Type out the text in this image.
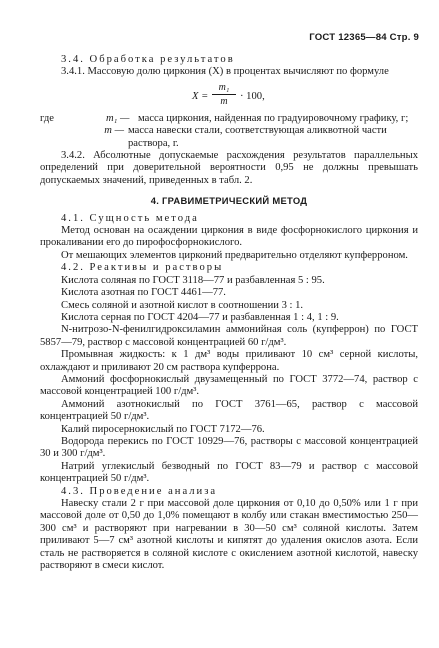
ГОСТ 12365—84 Стр. 9

3.4. Обработка результатов

3.4.1. Массовую долю циркония (X) в процентах вычисляют по формуле

$X = \frac{\text{m₁}}{m} \cdot 100$,
где	m₁ — масса циркония, найденная по градуировочному графику, г;
m — масса навески стали, соответствующая аликвотной части раствора, г.

3.4.2. Абсолютные допускаемые расхождения результатов параллельных определений при доверительной вероятности 0,95 не должны превышать допускаемых значений, приведенных в табл. 2.

4. ГРАВИМЕТРИЧЕСКИЙ МЕТОД

4.1. Сущность метода

Метод основан на осаждении циркония в виде фосфорнокислого циркония и прокаливании его до пирофосфорнокислого.

От мешающих элементов цирконий предварительно отделяют купферроном.

4.2. Реактивы и растворы

Кислота соляная по ГОСТ 3118—77 и разбавленная 5 : 95.

Кислота азотная по ГОСТ 4461—77.

Смесь соляной и азотной кислот в соотношении 3 : 1.

Кислота серная по ГОСТ 4204—77 и разбавленная 1 : 4, 1 : 9.

N-нитрозо-N-фенилгидроксиламин аммонийная соль (купферрон) по ГОСТ 5857—79, раствор с массовой концентрацией 60 г/дм³.

Промывная жидкость: к 1 дм³ воды приливают 10 см³ серной кислоты, охлаждают и приливают 20 см раствора купферрона.

Аммоний фосфорнокислый двузамещенный по ГОСТ 3772—74, раствор с массовой концентрацией 100 г/дм³.

Аммоний азотнокислый по ГОСТ 3761—65, раствор с массовой концентрацией 50 г/дм³.

Калий пиросернокислый по ГОСТ 7172—76.

Водорода перекись по ГОСТ 10929—76, растворы с массовой концентрацией 30 и 300 г/дм³.

Натрий углекислый безводный по ГОСТ 83—79 и раствор с массовой концентрацией 50 г/дм³.

4.3. Проведение анализа

Навеску стали 2 г при массовой доле циркония от 0,10 до 0,50% или 1 г при массовой доле от 0,50 до 1,0% помещают в колбу или стакан вместимостью 250—300 см³ и растворяют при нагревании в 30—50 см³ соляной кислоты. Затем приливают 5—7 см³ азотной кислоты и кипятят до удаления окислов азота. Если сталь не растворяется в соляной кислоте с окислением азотной кислотой, навеску растворяют в смеси кислот.
